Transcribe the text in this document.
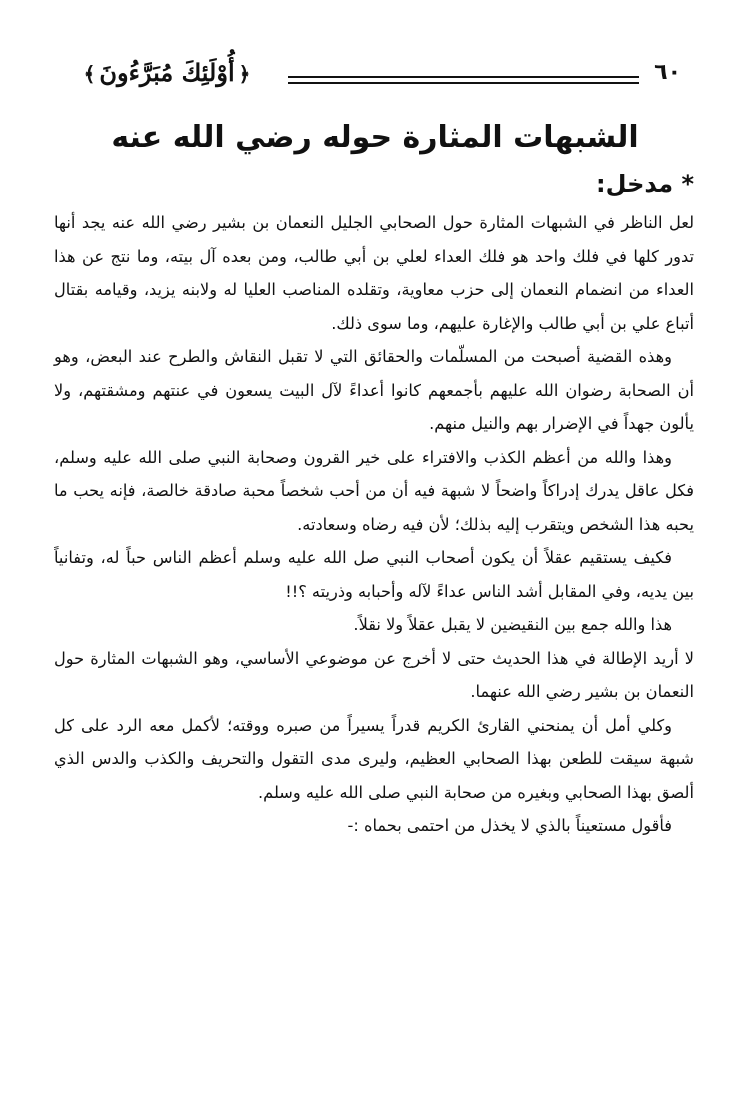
٦٠
﴿أُوْلَئِكَ مُبَرَّءُونَ﴾
الشبهات المثارة حوله رضي الله عنه
* مدخل:

لعل الناظر في الشبهات المثارة حول الصحابي الجليل النعمان بن بشير رضي الله عنه يجد أنها تدور كلها في فلك واحد هو فلك العداء لعلي بن أبي طالب، ومن بعده آل بيته، وما نتج عن هذا العداء من انضمام النعمان إلى حزب معاوية، وتقلده المناصب العليا له ولابنه يزيد، وقيامه بقتال أتباع علي بن أبي طالب والإغارة عليهم، وما سوى ذلك.

وهذه القضية أصبحت من المسلّمات والحقائق التي لا تقبل النقاش والطرح عند البعض، وهو أن الصحابة رضوان الله عليهم بأجمعهم كانوا أعداءً لآل البيت يسعون في عنتهم ومشقتهم، ولا يألون جهداً في الإضرار بهم والنيل منهم.

وهذا والله من أعظم الكذب والافتراء على خير القرون وصحابة النبي صلى الله عليه وسلم، فكل عاقل يدرك إدراكاً واضحاً لا شبهة فيه أن من أحب شخصاً محبة صادقة خالصة، فإنه يحب ما يحبه هذا الشخص ويتقرب إليه بذلك؛ لأن فيه رضاه وسعادته.

فكيف يستقيم عقلاً أن يكون أصحاب النبي صل الله عليه وسلم أعظم الناس حباً له، وتفانياً بين يديه، وفي المقابل أشد الناس عداءً لآله وأحبابه وذريته ؟!!

هذا والله جمع بين النقيضين لا يقبل عقلاً ولا نقلاً.

لا أريد الإطالة في هذا الحديث حتى لا أخرج عن موضوعي الأساسي، وهو الشبهات المثارة حول النعمان بن بشير رضي الله عنهما.

وكلي أمل أن يمنحني القارئ الكريم قدراً يسيراً من صبره ووقته؛ لأكمل معه الرد على كل شبهة سيقت للطعن بهذا الصحابي العظيم، وليرى مدى التقول والتحريف والكذب والدس الذي ألصق بهذا الصحابي وبغيره من صحابة النبي صلى الله عليه وسلم.

فأقول مستعيناً بالذي لا يخذل من احتمى بحماه :-
